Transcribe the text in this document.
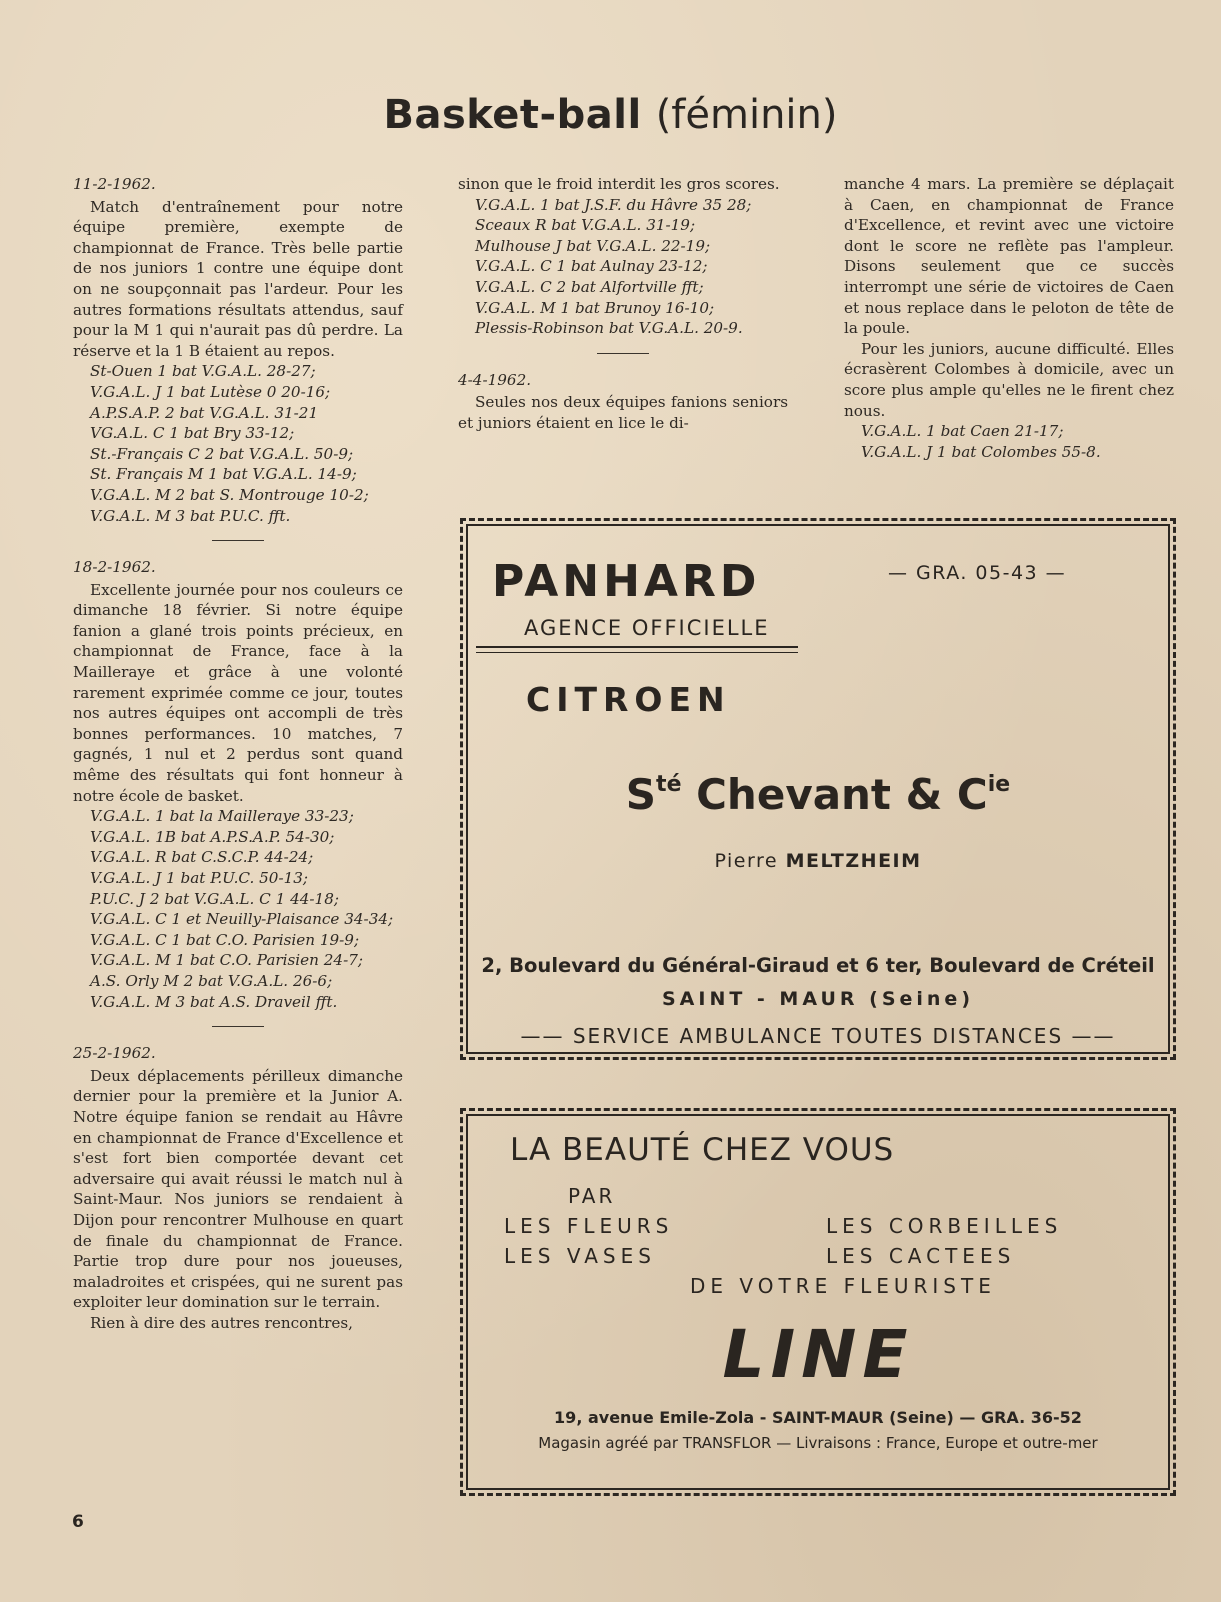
Basket-ball (féminin)

11-2-1962.

Match d'entraînement pour notre équipe première, exempte de championnat de France. Très belle partie de nos juniors 1 contre une équipe dont on ne soupçonnait pas l'ardeur. Pour les autres formations résultats attendus, sauf pour la M 1 qui n'aurait pas dû perdre. La réserve et la 1 B étaient au repos.

St-Ouen 1 bat V.G.A.L. 28-27;

V.G.A.L. J 1 bat Lutèse 0 20-16;

A.P.S.A.P. 2 bat V.G.A.L. 31-21

VG.A.L. C 1 bat Bry 33-12;

St.-Français C 2 bat V.G.A.L. 50-9;

St. Français M 1 bat V.G.A.L. 14-9;

V.G.A.L. M 2 bat S. Montrouge 10-2;

V.G.A.L. M 3 bat P.U.C. fft.

18-2-1962.

Excellente journée pour nos couleurs ce dimanche 18 février. Si notre équipe fanion a glané trois points précieux, en championnat de France, face à la Mailleraye et grâce à une volonté rarement exprimée comme ce jour, toutes nos autres équipes ont accompli de très bonnes performances. 10 matches, 7 gagnés, 1 nul et 2 perdus sont quand même des résultats qui font honneur à notre école de basket.

V.G.A.L. 1 bat la Mailleraye 33-23;

V.G.A.L. 1B bat A.P.S.A.P. 54-30;

V.G.A.L. R bat C.S.C.P. 44-24;

V.G.A.L. J 1 bat P.U.C. 50-13;

P.U.C. J 2 bat V.G.A.L. C 1 44-18;

V.G.A.L. C 1 et Neuilly-Plaisance 34-34;

V.G.A.L. C 1 bat C.O. Parisien 19-9;

V.G.A.L. M 1 bat C.O. Parisien 24-7;

A.S. Orly M 2 bat V.G.A.L. 26-6;

V.G.A.L. M 3 bat A.S. Draveil fft.

25-2-1962.

Deux déplacements périlleux dimanche dernier pour la première et la Junior A. Notre équipe fanion se rendait au Hâvre en championnat de France d'Excellence et s'est fort bien comportée devant cet adversaire qui avait réussi le match nul à Saint-Maur. Nos juniors se rendaient à Dijon pour rencontrer Mulhouse en quart de finale du championnat de France. Partie trop dure pour nos joueuses, maladroites et crispées, qui ne surent pas exploiter leur domination sur le terrain.

Rien à dire des autres rencontres,

sinon que le froid interdit les gros scores.

V.G.A.L. 1 bat J.S.F. du Hâvre 35 28;

Sceaux R bat V.G.A.L. 31-19;

Mulhouse J bat V.G.A.L. 22-19;

V.G.A.L. C 1 bat Aulnay 23-12;

V.G.A.L. C 2 bat Alfortville fft;

V.G.A.L. M 1 bat Brunoy 16-10;

Plessis-Robinson bat V.G.A.L. 20-9.

4-4-1962.

Seules nos deux équipes fanions seniors et juniors étaient en lice le di-

manche 4 mars. La première se déplaçait à Caen, en championnat de France d'Excellence, et revint avec une victoire dont le score ne reflète pas l'ampleur. Disons seulement que ce succès interrompt une série de victoires de Caen et nous replace dans le peloton de tête de la poule.

Pour les juniors, aucune difficulté. Elles écrasèrent Colombes à domicile, avec un score plus ample qu'elles ne le firent chez nous.

V.G.A.L. 1 bat Caen 21-17;

V.G.A.L. J 1 bat Colombes 55-8.

PANHARD
AGENCE OFFICIELLE
— GRA. 05-43 —
CITROEN
$S^{té}$ Chevant & $C^{ie}$
Pierre MELTZHEIM
2, Boulevard du Général-Giraud et 6 ter, Boulevard de Créteil
SAINT - MAUR (Seine)
—— SERVICE AMBULANCE TOUTES DISTANCES ——
LA BEAUTÉ CHEZ VOUS
PAR
LES FLEURS	LES CORBEILLES
LES VASES	LES CACTEES
DE VOTRE FLEURISTE
LINE
19, avenue Emile-Zola - SAINT-MAUR (Seine) — GRA. 36-52
Magasin agréé par TRANSFLOR — Livraisons : France, Europe et outre-mer
6
